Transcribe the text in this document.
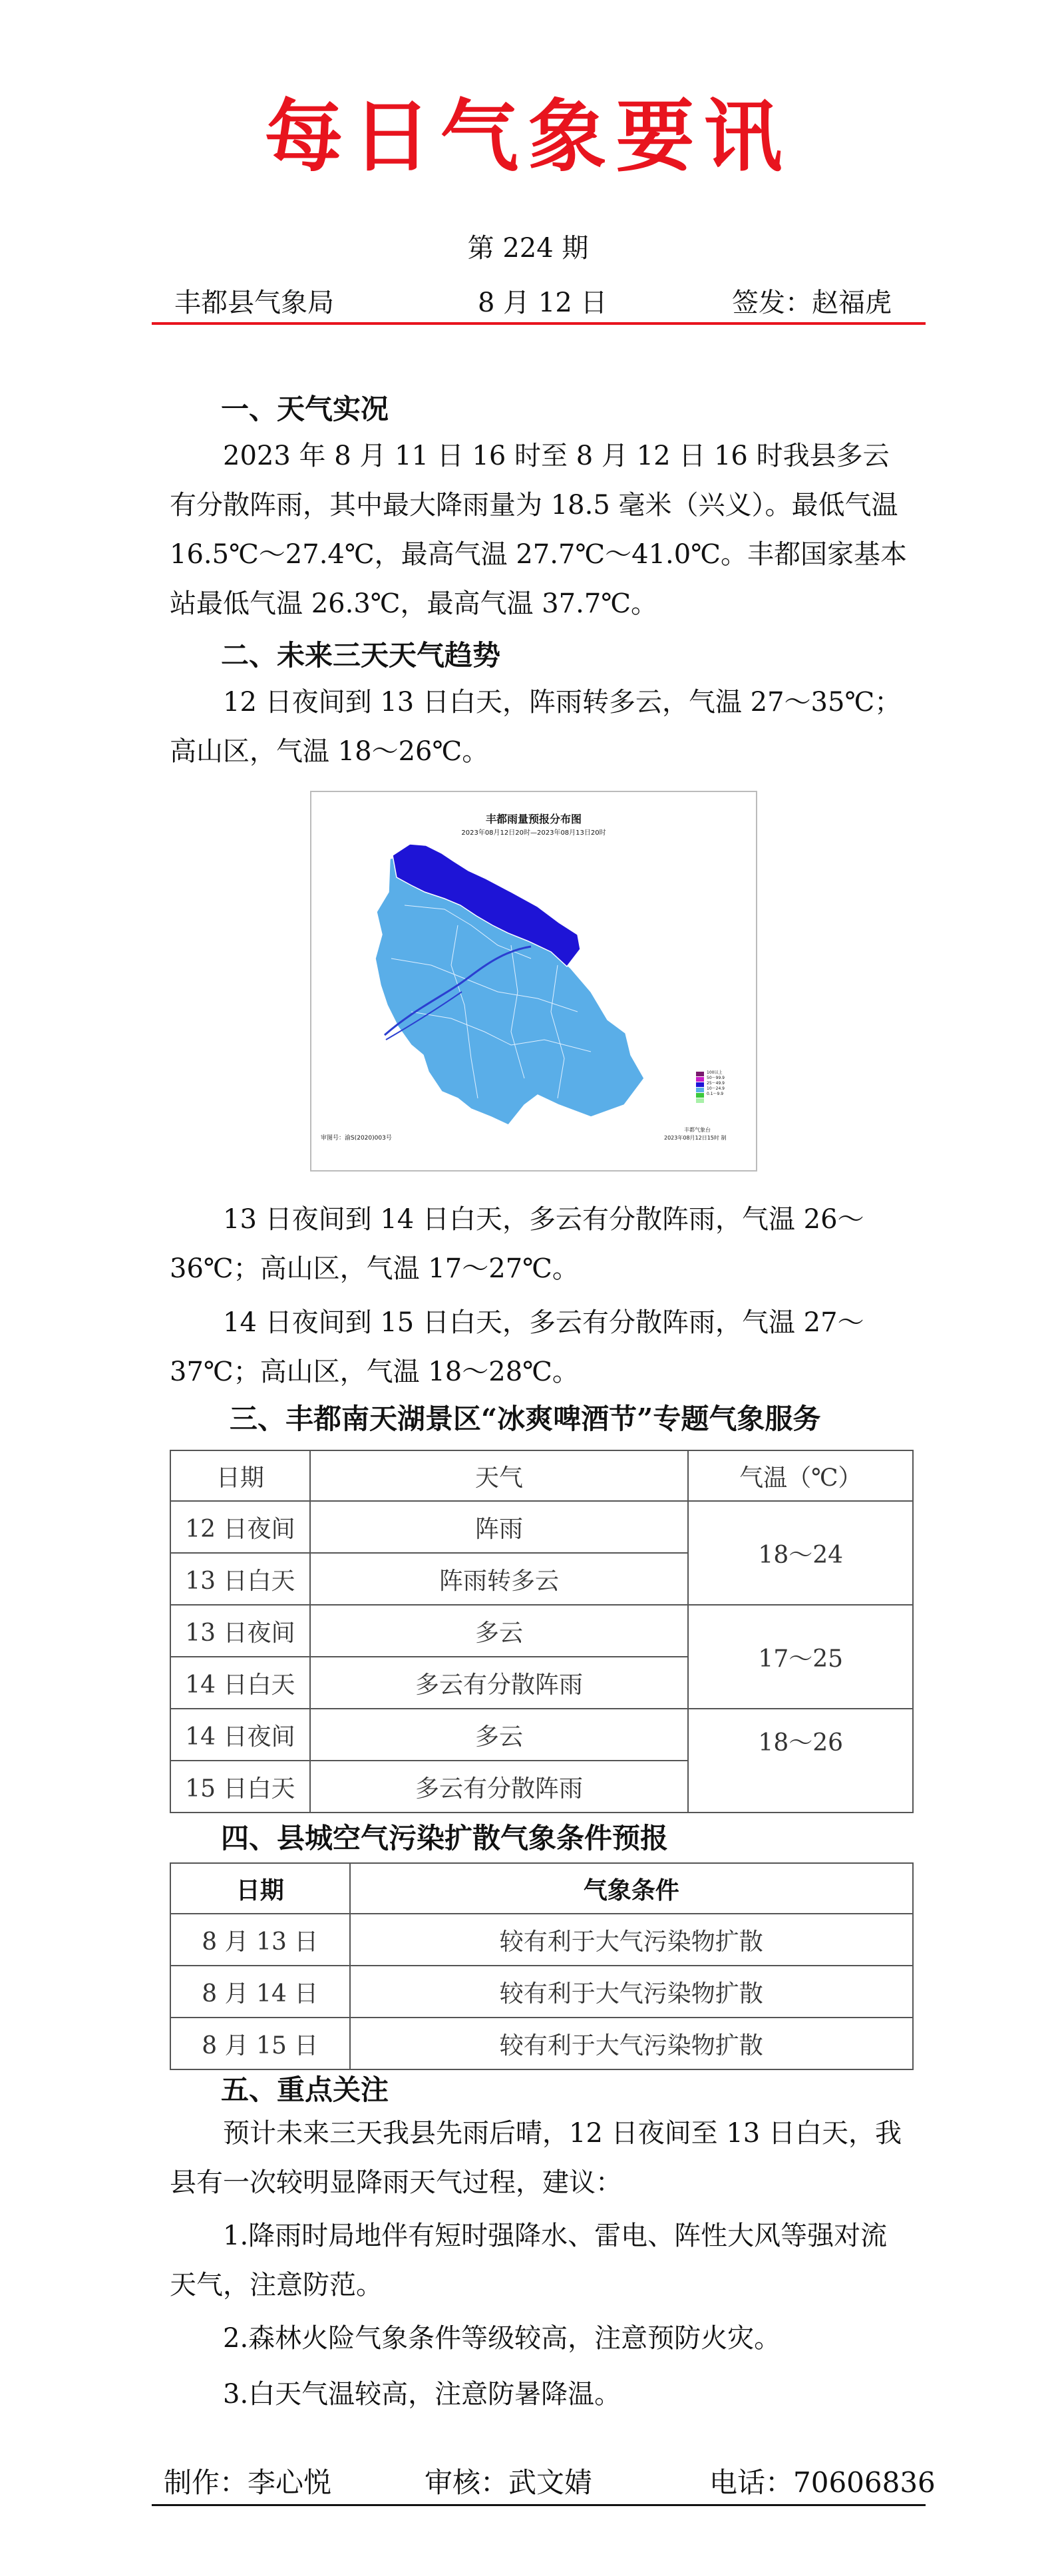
每日气象要讯
第 224 期
丰都县气象局	8 月 12 日	签发：赵福虎
一、天气实况
2023 年 8 月 11 日 16 时至 8 月 12 日 16 时我县多云有分散阵雨，其中最大降雨量为 18.5 毫米（兴义）。最低气温 16.5℃～27.4℃，最高气温 27.7℃～41.0℃。丰都国家基本站最低气温 26.3℃，最高气温 37.7℃。
二、未来三天天气趋势
12 日夜间到 13 日白天，阵雨转多云，气温 27～35℃；高山区，气温 18～26℃。
丰都雨量预报分布图
2023年08月12日20时—2023年08月13日20时
100以上
50～99.9
25～49.9
10～24.9
0.1～9.9
审图号：渝S(2020)003号
丰都气象台
2023年08月12日15时 制
13 日夜间到 14 日白天，多云有分散阵雨，气温 26～36℃；高山区，气温 17～27℃。
14 日夜间到 15 日白天，多云有分散阵雨，气温 27～37℃；高山区，气温 18～28℃。
三、丰都南天湖景区“冰爽啤酒节”专题气象服务
日期	天气	气温（℃）
12 日夜间	阵雨	18～24
13 日白天	阵雨转多云	
13 日夜间	多云	17～25
14 日白天	多云有分散阵雨	
14 日夜间	多云	18～26
15 日白天	多云有分散阵雨	
四、县城空气污染扩散气象条件预报
日期	气象条件
8 月 13 日	较有利于大气污染物扩散
8 月 14 日	较有利于大气污染物扩散
8 月 15 日	较有利于大气污染物扩散
五、重点关注
预计未来三天我县先雨后晴，12 日夜间至 13 日白天，我县有一次较明显降雨天气过程，建议：
1.降雨时局地伴有短时强降水、雷电、阵性大风等强对流天气，注意防范。
2.森林火险气象条件等级较高，注意预防火灾。
3.白天气温较高，注意防暑降温。
制作：李心悦	审核：武文婧	电话：70606836
